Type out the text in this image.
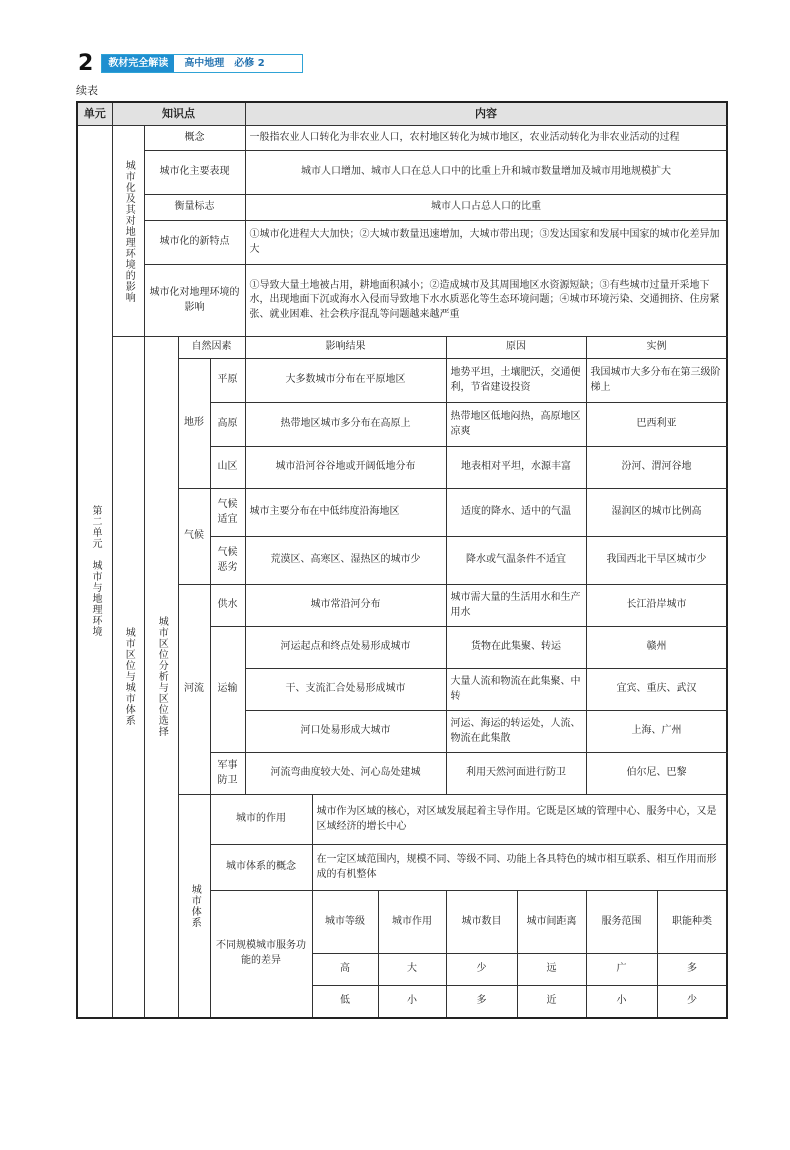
2	教材完全解读	高中地理　必修 2
续表
单元	知识点				内容							
第二单元　城市与地理环境	城市化及其对地理环境的影响	概念			一般指农业人口转化为非农业人口，农村地区转化为城市地区，农业活动转化为非农业活动的过程							
		城市化主要表现			城市人口增加、城市人口在总人口中的比重上升和城市数量增加及城市用地规模扩大							
		衡量标志			城市人口占总人口的比重							
		城市化的新特点			①城市化进程大大加快；②大城市数量迅速增加，大城市带出现；③发达国家和发展中国家的城市化差异加大							
		城市化对地理环境的影响			①导致大量土地被占用，耕地面积减小；②造成城市及其周围地区水资源短缺；③有些城市过量开采地下水，出现地面下沉或海水入侵而导致地下水水质恶化等生态环境问题；④城市环境污染、交通拥挤、住房紧张、就业困难、社会秩序混乱等问题越来越严重							
	城市区位与城市体系	城市区位分析与区位选择	自然因素		影响结果			原因		实例		
			地形	平原	大多数城市分布在平原地区			地势平坦，土壤肥沃，交通便利，节省建设投资		我国城市大多分布在第三级阶梯上		
				高原	热带地区城市多分布在高原上			热带地区低地闷热，高原地区凉爽		巴西利亚		
				山区	城市沿河谷谷地或开阔低地分布			地表相对平坦，水源丰富		汾河、渭河谷地		
			气候	气候适宜	城市主要分布在中低纬度沿海地区			适度的降水、适中的气温		湿润区的城市比例高		
				气候恶劣	荒漠区、高寒区、湿热区的城市少			降水或气温条件不适宜		我国西北干旱区城市少		
			河流	供水	城市常沿河分布			城市需大量的生活用水和生产用水		长江沿岸城市		
				运输	河运起点和终点处易形成城市			货物在此集聚、转运		赣州		
					干、支流汇合处易形成城市			大量人流和物流在此集聚、中转		宜宾、重庆、武汉		
					河口处易形成大城市			河运、海运的转运处，人流、物流在此集散		上海、广州		
				军事防卫	河流弯曲度较大处、河心岛处建城			利用天然河面进行防卫		伯尔尼、巴黎		
			城市体系	城市的作用		城市作为区域的核心，对区域发展起着主导作用。它既是区域的管理中心、服务中心，又是区域经济的增长中心						
				城市体系的概念		在一定区域范围内，规模不同、等级不同、功能上各具特色的城市相互联系、相互作用而形成的有机整体						
				不同规模城市服务功能的差异		城市等级	城市作用	城市数目	城市间距离	服务范围	职能种类	
						高	大	少	远	广	多	
						低	小	多	近	小	少	
